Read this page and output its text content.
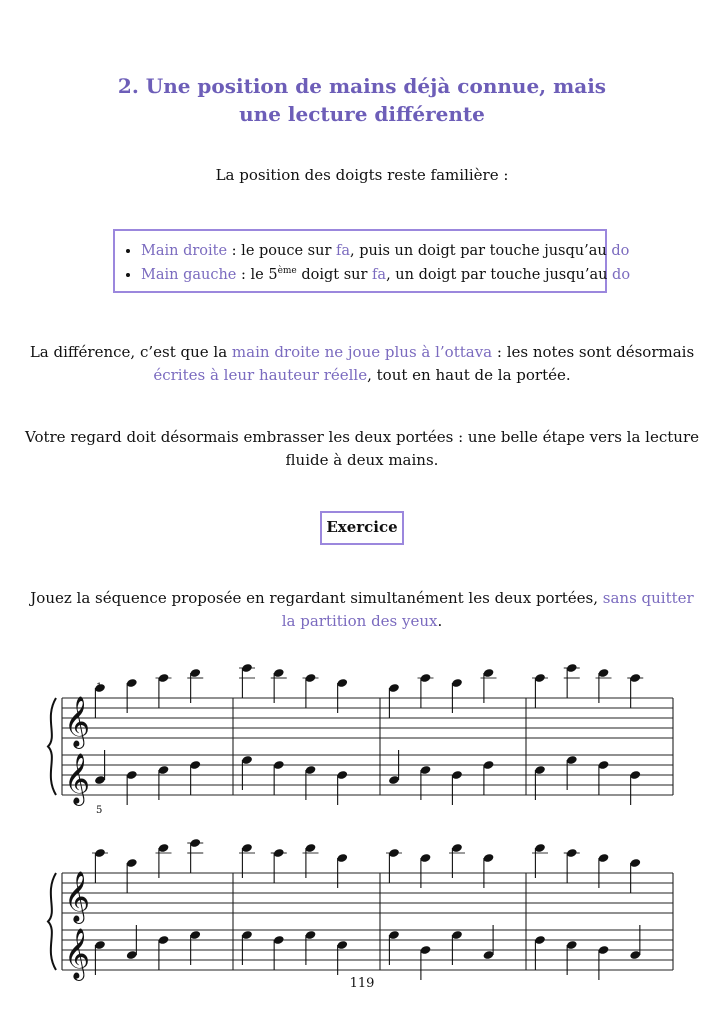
2. Une position de mains déjà connue, mais
une lecture différente
La position des doigts reste familière :
• Main droite : le pouce sur fa, puis un doigt par touche jusqu’au do
• Main gauche : le 5ème doigt sur fa, un doigt par touche jusqu’au do
La différence, c’est que la main droite ne joue plus à l’ottava : les notes sont désormais
écrites à leur hauteur réelle, tout en haut de la portée.
Votre regard doit désormais embrasser les deux portées : une belle étape vers la lecture
fluide à deux mains.
Exercice
Jouez la séquence proposée en regardant simultanément les deux portées, sans quitter
la partition des yeux.
𝄞
𝄞
1
5
𝄞
𝄞
119
